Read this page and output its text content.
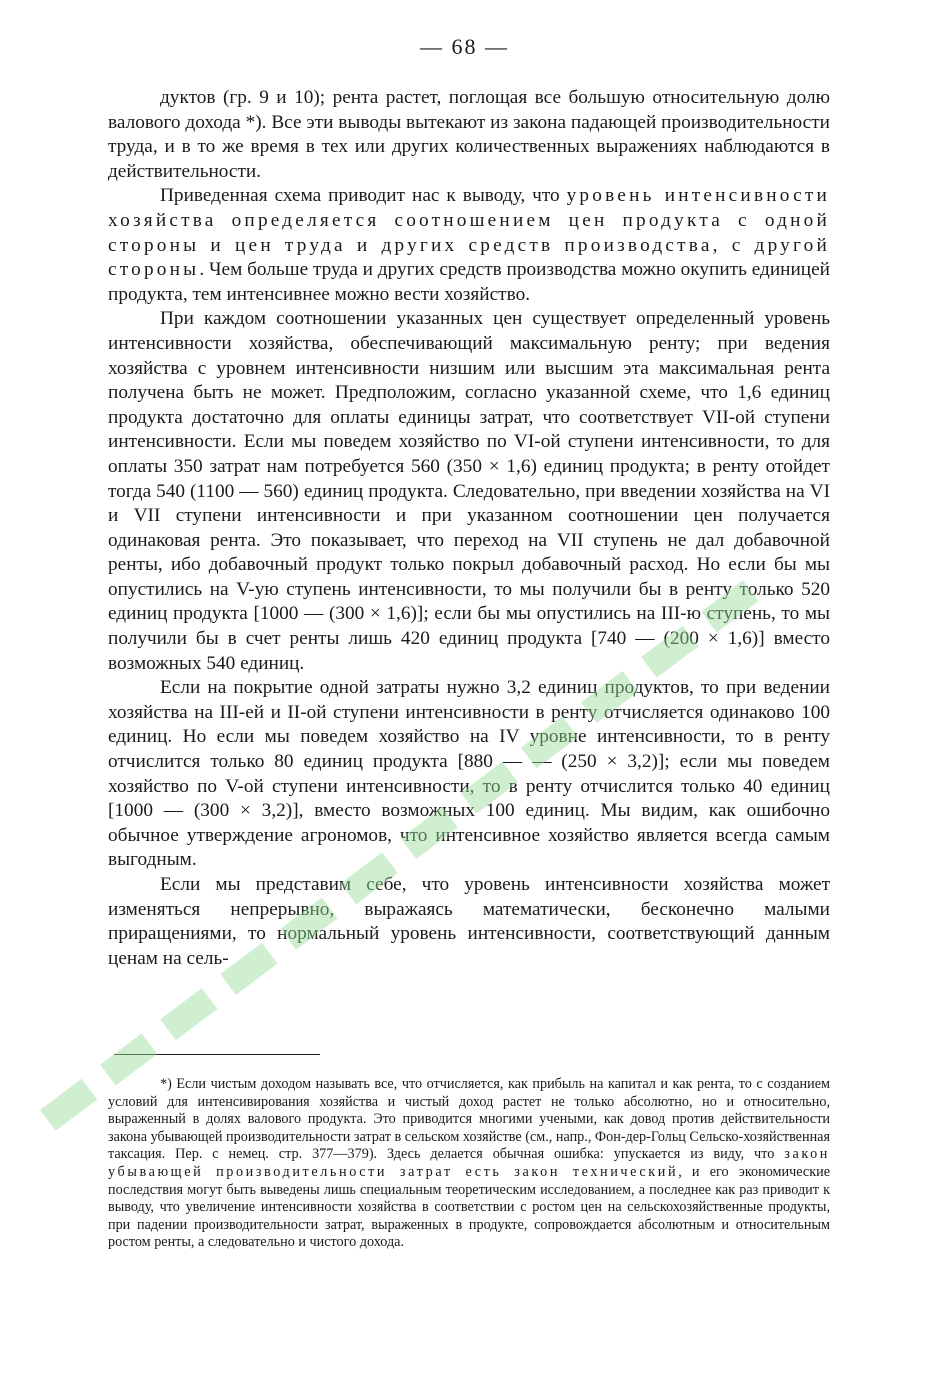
— 68 —

дуктов (гр. 9 и 10); рента растет, поглощая все большую относительную долю валового дохода *). Все эти выводы вытекают из закона падающей производительности труда, и в то же время в тех или других количественных выражениях наблюдаются в действительности.

Приведенная схема приводит нас к выводу, что уровень интенсивности хозяйства определяется соотношением цен продукта с одной стороны и цен труда и других средств производства, с другой стороны. Чем больше труда и других средств производства можно окупить единицей продукта, тем интенсивнее можно вести хозяйство.

При каждом соотношении указанных цен существует определенный уровень интенсивности хозяйства, обеспечивающий максимальную ренту; при ведения хозяйства с уровнем интенсивности низшим или высшим эта максимальная рента получена быть не может. Предположим, согласно указанной схеме, что 1,6 единиц продукта достаточно для оплаты единицы затрат, что соответствует VII-ой ступени интенсивности. Если мы поведем хозяйство по VI-ой ступени интенсивности, то для оплаты 350 затрат нам потребуется 560 (350 × 1,6) единиц продукта; в ренту отойдет тогда 540 (1100 — 560) единиц продукта. Следовательно, при введении хозяйства на VI и VII ступени интенсивности и при указанном соотношении цен получается одинаковая рента. Это показывает, что переход на VII ступень не дал добавочной ренты, ибо добавочный продукт только покрыл добавочный расход. Но если бы мы опустились на V-ую ступень интенсивности, то мы получили бы в ренту только 520 единиц продукта [1000 — (300 × 1,6)]; если бы мы опустились на III-ю ступень, то мы получили бы в счет ренты лишь 420 единиц продукта [740 — (200 × 1,6)] вместо возможных 540 единиц.

Если на покрытие одной затраты нужно 3,2 единиц продуктов, то при ведении хозяйства на III-ей и II-ой ступени интенсивности в ренту отчисляется одинаково 100 единиц. Но если мы поведем хозяйство на IV уровне интенсивности, то в ренту отчислится только 80 единиц продукта [880 — — (250 × 3,2)]; если мы поведем хозяйство по V-ой ступени интенсивности, то в ренту отчислится только 40 единиц [1000 — (300 × 3,2)], вместо возможных 100 единиц. Мы видим, как ошибочно обычное утверждение агрономов, что интенсивное хозяйство является всегда самым выгодным.

Если мы представим себе, что уровень интенсивности хозяйства может изменяться непрерывно, выражаясь математически, бесконечно малыми приращениями, то нормальный уровень интенсивности, соответствующий данным ценам на сель-

*) Если чистым доходом называть все, что отчисляется, как прибыль на капитал и как рента, то с созданием условий для интенсивирования хозяйства и чистый доход растет не только абсолютно, но и относительно, выраженный в долях валового продукта. Это приводится многими учеными, как довод против действительности закона убывающей производительности затрат в сельском хозяйстве (см., напр., Фон-дер-Гольц Сельско-хозяйственная таксация. Пер. с немец. стр. 377—379). Здесь делается обычная ошибка: упускается из виду, что закон убывающей производительности затрат есть закон технический, и его экономические последствия могут быть выведены лишь специальным теоретическим исследованием, а последнее как раз приводит к выводу, что увеличение интенсивности хозяйства в соответствии с ростом цен на сельскохозяйственные продукты, при падении производительности затрат, выраженных в продукте, сопровождается абсолютным и относительным ростом ренты, а следовательно и чистого дохода.
